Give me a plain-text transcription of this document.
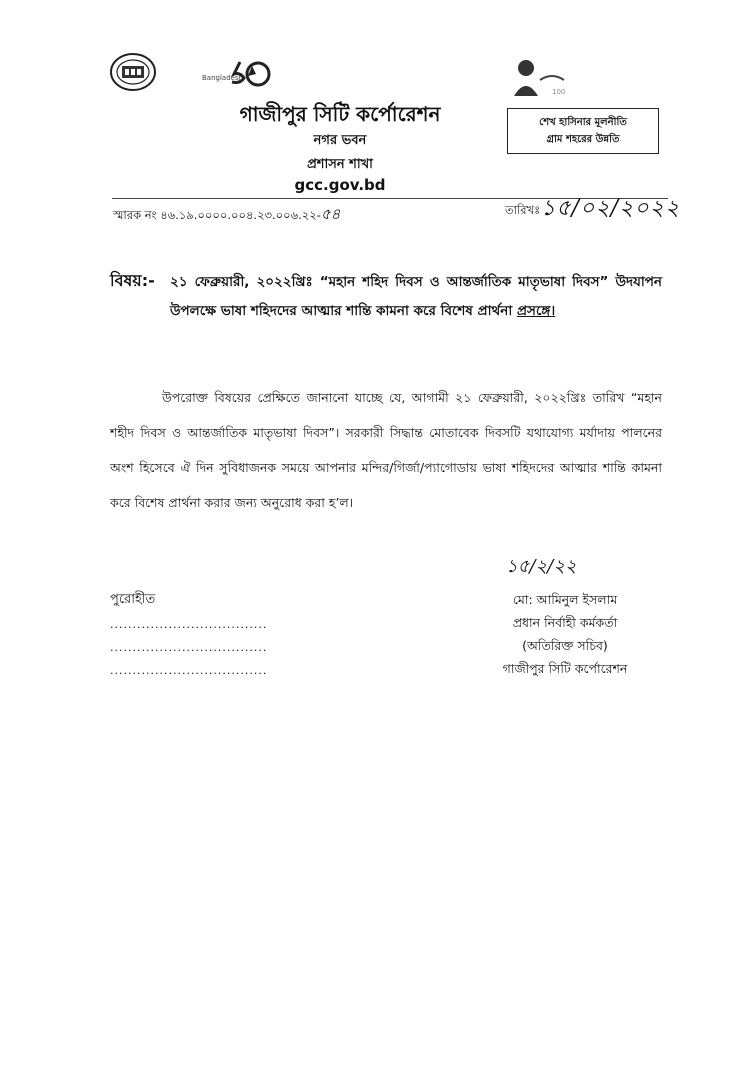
Bangladesh
100
গাজীপুর সিটি কর্পোরেশন
নগর ভবন
প্রশাসন শাখা
gcc.gov.bd
শেখ হাসিনার মূলনীতি
গ্রাম শহরের উন্নতি
স্মারক নং ৪৬.১৯.০০০০.০০৪.২৩.০০৬.২২-৫৪	তারিখঃ ১৫/০২/২০২২
বিষয়:- ২১ ফেব্রুয়ারী, ২০২২খ্রিঃ “মহান শহিদ দিবস ও আন্তর্জাতিক মাতৃভাষা দিবস” উদযাপন উপলক্ষে ভাষা শহিদদের আত্মার শান্তি কামনা করে বিশেষ প্রার্থনা প্রসঙ্গে।
উপরোক্ত বিষয়ের প্রেক্ষিতে জানানো যাচ্ছে যে, আগামী ২১ ফেব্রুয়ারী, ২০২২খ্রিঃ তারিখ “মহান শহীদ দিবস ও আন্তর্জাতিক মাতৃভাষা দিবস”। সরকারী সিদ্ধান্ত মোতাবেক দিবসটি যথাযোগ্য মর্যাদায় পালনের অংশ হিসেবে ঐ দিন সুবিধাজনক সময়ে আপনার মন্দির/গির্জা/প্যাগোডায় ভাষা শহিদদের আত্মার শান্তি কামনা করে বিশেষ প্রার্থনা করার জন্য অনুরোধ করা হ’ল।
১৫/২/২২
মো: আমিনুল ইসলাম
প্রধান নির্বাহী কর্মকর্তা
(অতিরিক্ত সচিব)
গাজীপুর সিটি কর্পোরেশন
পুরোহীত
...................................
...................................
...................................
